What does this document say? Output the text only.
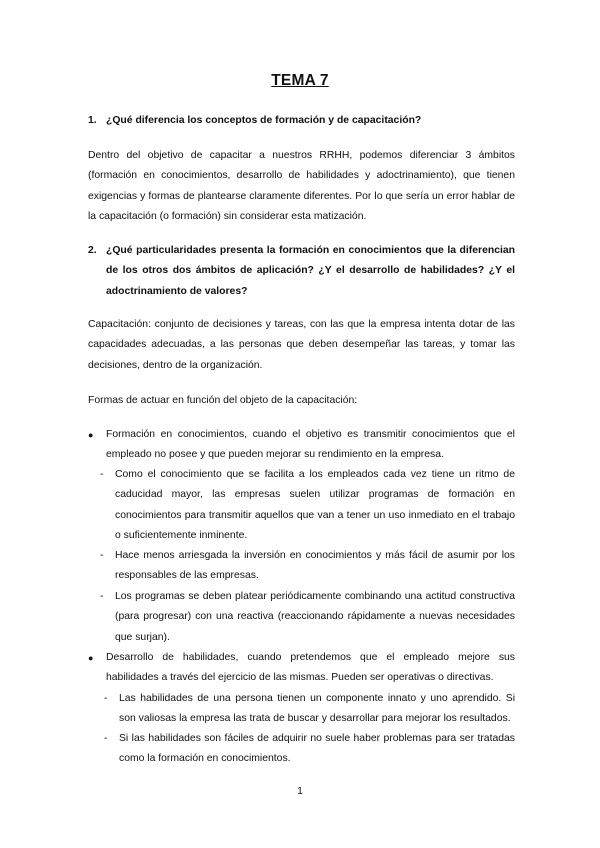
TEMA 7
1. ¿Qué diferencia los conceptos de formación y de capacitación?

Dentro del objetivo de capacitar a nuestros RRHH, podemos diferenciar 3 ámbitos (formación en conocimientos, desarrollo de habilidades y adoctrinamiento), que tienen exigencias y formas de plantearse claramente diferentes. Por lo que sería un error hablar de la capacitación (o formación) sin considerar esta matización.

2. ¿Qué particularidades presenta la formación en conocimientos que la diferencian de los otros dos ámbitos de aplicación? ¿Y el desarrollo de habilidades? ¿Y el adoctrinamiento de valores?

Capacitación: conjunto de decisiones y tareas, con las que la empresa intenta dotar de las capacidades adecuadas, a las personas que deben desempeñar las tareas, y tomar las decisiones, dentro de la organización.

Formas de actuar en función del objeto de la capacitación:

● Formación en conocimientos, cuando el objetivo es transmitir conocimientos que el empleado no posee y que pueden mejorar su rendimiento en la empresa.

- Como el conocimiento que se facilita a los empleados cada vez tiene un ritmo de caducidad mayor, las empresas suelen utilizar programas de formación en conocimientos para transmitir aquellos que van a tener un uso inmediato en el trabajo o suficientemente inminente.

- Hace menos arriesgada la inversión en conocimientos y más fácil de asumir por los responsables de las empresas.

- Los programas se deben platear periódicamente combinando una actitud constructiva (para progresar) con una reactiva (reaccionando rápidamente a nuevas necesidades que surjan).

● Desarrollo de habilidades, cuando pretendemos que el empleado mejore sus habilidades a través del ejercicio de las mismas. Pueden ser operativas o directivas.

- Las habilidades de una persona tienen un componente innato y uno aprendido. Si son valiosas la empresa las trata de buscar y desarrollar para mejorar los resultados.

- Si las habilidades son fáciles de adquirir no suele haber problemas para ser tratadas como la formación en conocimientos.

1
